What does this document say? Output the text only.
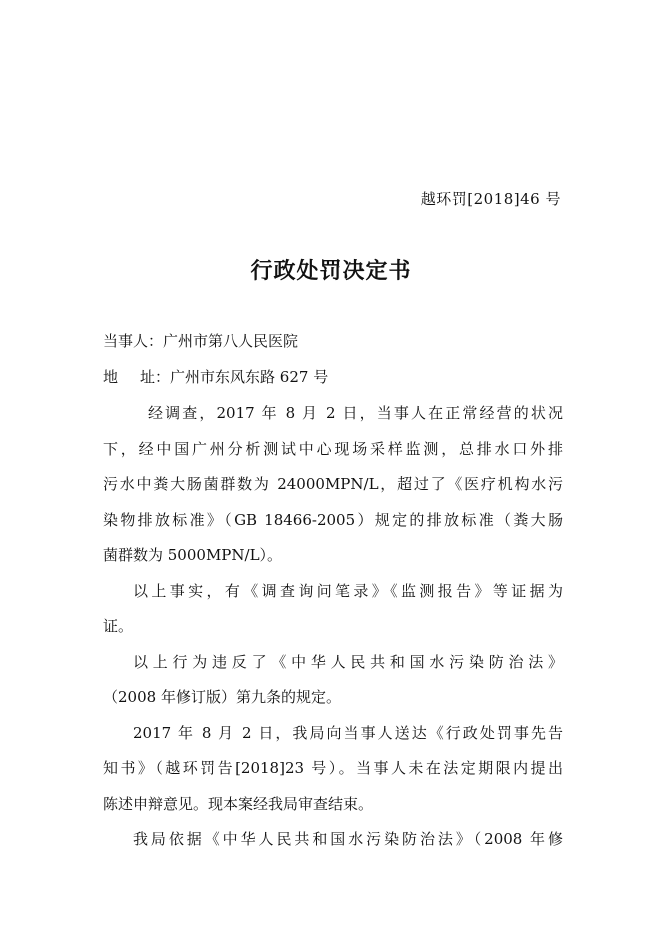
越环罚[2018]46 号
行政处罚决定书
当事人：广州市第八人民医院
地 址：广州市东风东路 627 号
经调查，2017 年 8 月 2 日，当事人在正常经营的状况
下，经中国广州分析测试中心现场采样监测，总排水口外排
污水中粪大肠菌群数为 24000MPN/L，超过了《医疗机构水污
染物排放标准》（GB 18466-2005）规定的排放标准（粪大肠
菌群数为 5000MPN/L）。
以上事实，有《调查询问笔录》《监测报告》等证据为
证。
以上行为违反了《中华人民共和国水污染防治法》
（2008 年修订版）第九条的规定。
2017 年 8 月 2 日，我局向当事人送达《行政处罚事先告
知书》（越环罚告[2018]23 号）。当事人未在法定期限内提出
陈述申辩意见。现本案经我局审查结束。
我局依据《中华人民共和国水污染防治法》（2008 年修
